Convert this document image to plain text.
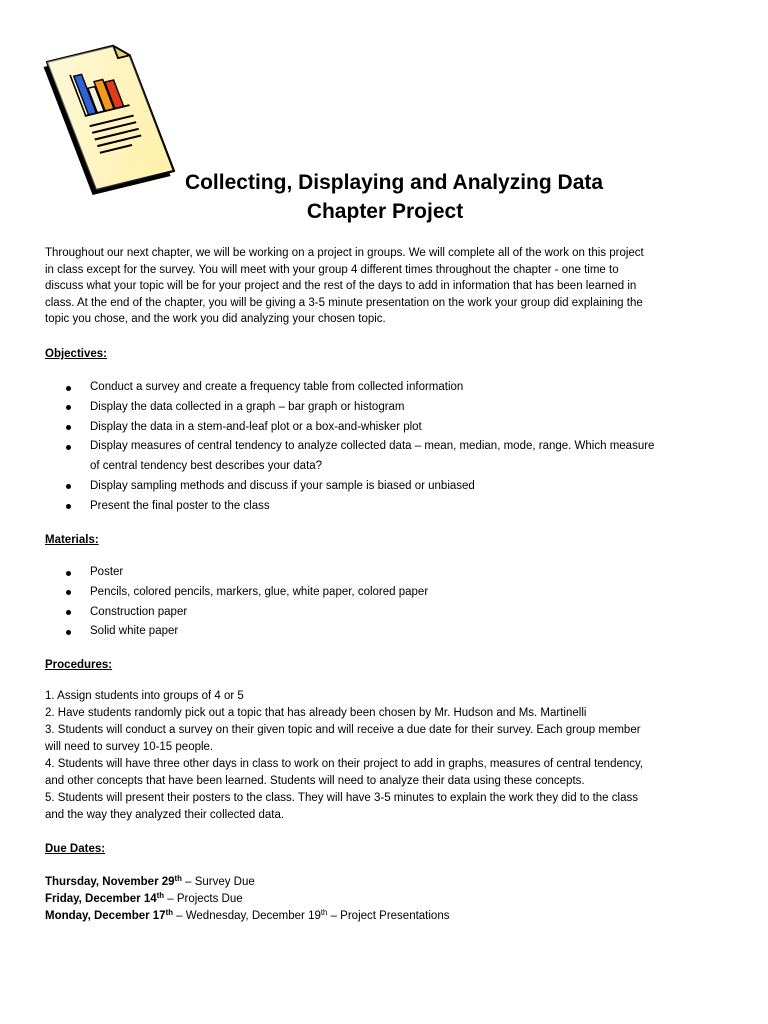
Collecting, Displaying and Analyzing Data
Chapter Project

Throughout our next chapter, we will be working on a project in groups. We will complete all of the work on this project
in class except for the survey. You will meet with your group 4 different times throughout the chapter - one time to
discuss what your topic will be for your project and the rest of the days to add in information that has been learned in
class. At the end of the chapter, you will be giving a 3-5 minute presentation on the work your group did explaining the
topic you chose, and the work you did analyzing your chosen topic.

Objectives:
Conduct a survey and create a frequency table from collected information
Display the data collected in a graph – bar graph or histogram
Display the data in a stem-and-leaf plot or a box-and-whisker plot
Display measures of central tendency to analyze collected data – mean, median, mode, range. Which measure
of central tendency best describes your data?
Display sampling methods and discuss if your sample is biased or unbiased
Present the final poster to the class
Materials:
Poster
Pencils, colored pencils, markers, glue, white paper, colored paper
Construction paper
Solid white paper
Procedures:
1. Assign students into groups of 4 or 5
2. Have students randomly pick out a topic that has already been chosen by Mr. Hudson and Ms. Martinelli
3. Students will conduct a survey on their given topic and will receive a due date for their survey. Each group member
will need to survey 10-15 people.
4. Students will have three other days in class to work on their project to add in graphs, measures of central tendency,
and other concepts that have been learned. Students will need to analyze their data using these concepts.
5. Students will present their posters to the class. They will have 3-5 minutes to explain the work they did to the class
and the way they analyzed their collected data.
Due Dates:
Thursday, November 29th – Survey Due
Friday, December 14th – Projects Due
Monday, December 17th – Wednesday, December 19th – Project Presentations
